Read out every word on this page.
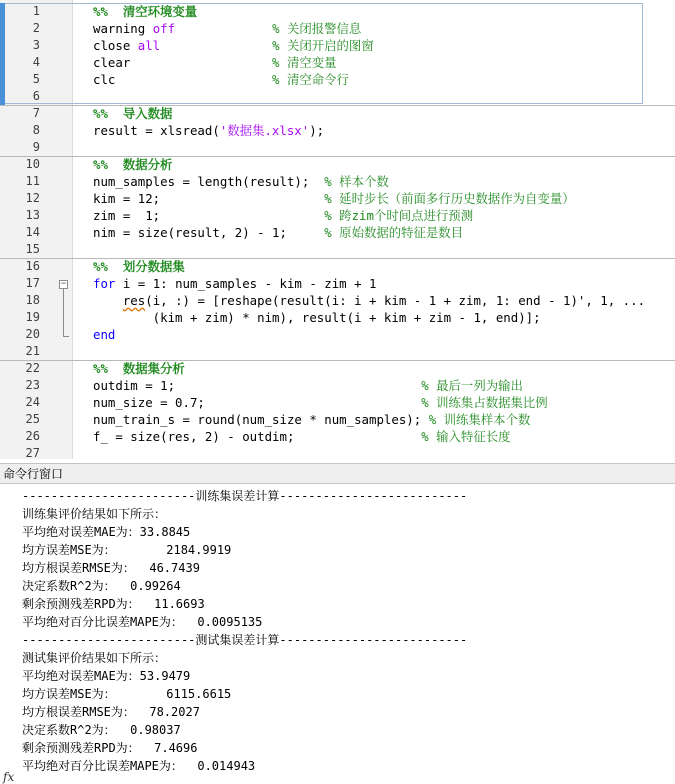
−
%%  清空环境变量
warning off	% 关闭报警信息
close all	% 关闭开启的图窗
clear                   % 清空变量
clc                     % 清空命令行
%%  导入数据
result = xlsread('数据集.xlsx');
%%  数据分析
num_samples = length(result);  % 样本个数
kim = 12;                      % 延时步长（前面多行历史数据作为自变量）
zim =  1;                      % 跨zim个时间点进行预测
nim = size(result, 2) - 1;     % 原始数据的特征是数目
%%  划分数据集
for i = 1: num_samples - kim - zim + 1
res(i, :) = [reshape(result(i: i + kim - 1 + zim, 1: end - 1)', 1, ...
(kim + zim) * nim), result(i + kim + zim - 1, end)];
end
%%  数据集分析
outdim = 1;                                 % 最后一列为输出
num_size = 0.7;                             % 训练集占数据集比例
num_train_s = round(num_size * num_samples); % 训练集样本个数
f_ = size(res, 2) - outdim;                 % 输入特征长度
1
2
3
4
5
6
7
8
9
10
11
12
13
14
15
16
17
18
19
20
21
22
23
24
25
26
27
命令行窗口
------------------------训练集误差计算--------------------------
训练集评价结果如下所示：
平均绝对误差MAE为：33.8845
均方误差MSE为：       2184.9919
均方根误差RMSE为：  46.7439
决定系数R^2为：  0.99264
剩余预测残差RPD为：  11.6693
平均绝对百分比误差MAPE为：  0.0095135
------------------------测试集误差计算--------------------------
测试集评价结果如下所示：
平均绝对误差MAE为：53.9479
均方误差MSE为：       6115.6615
均方根误差RMSE为：  78.2027
决定系数R^2为：  0.98037
剩余预测残差RPD为：  7.4696
平均绝对百分比误差MAPE为：  0.014943
fx
